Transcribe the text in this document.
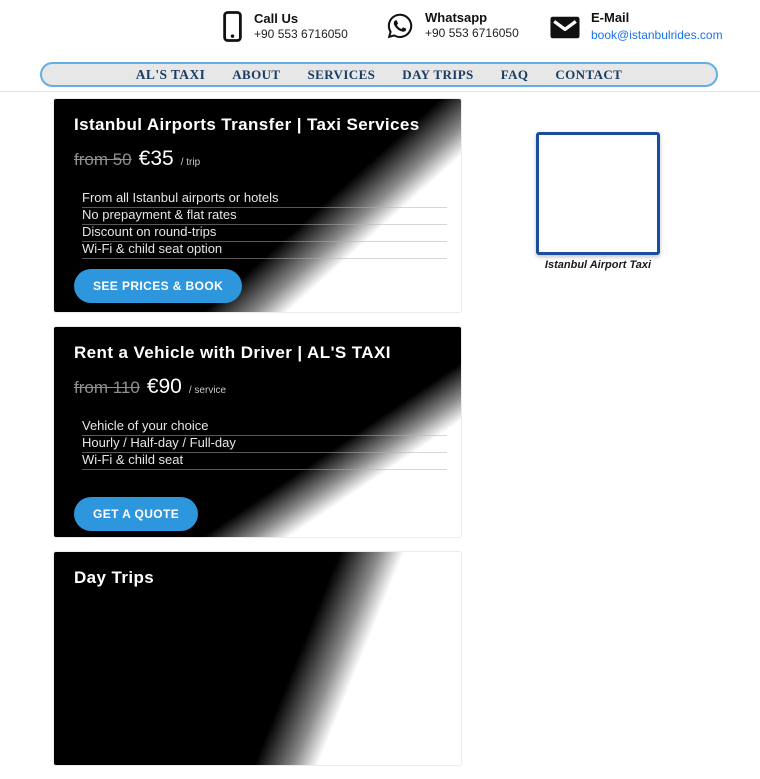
Call Us
+90 553 6716050
Whatsapp
+90 553 6716050
E-Mail
book@istanbulrides.com
AL'S TAXI ABOUT SERVICES DAY TRIPS FAQ CONTACT
Istanbul Airports Transfer | Taxi Services
from 50 €35 / trip
From all Istanbul airports or hotels
No prepayment & flat rates
Discount on round-trips
Wi-Fi & child seat option
SEE PRICES & BOOK
Rent a Vehicle with Driver | AL'S TAXI
from 110 €90 / service
Vehicle of your choice
Hourly / Half-day / Full-day
Wi-Fi & child seat
GET A QUOTE
Day Trips
Istanbul Airport Taxi
